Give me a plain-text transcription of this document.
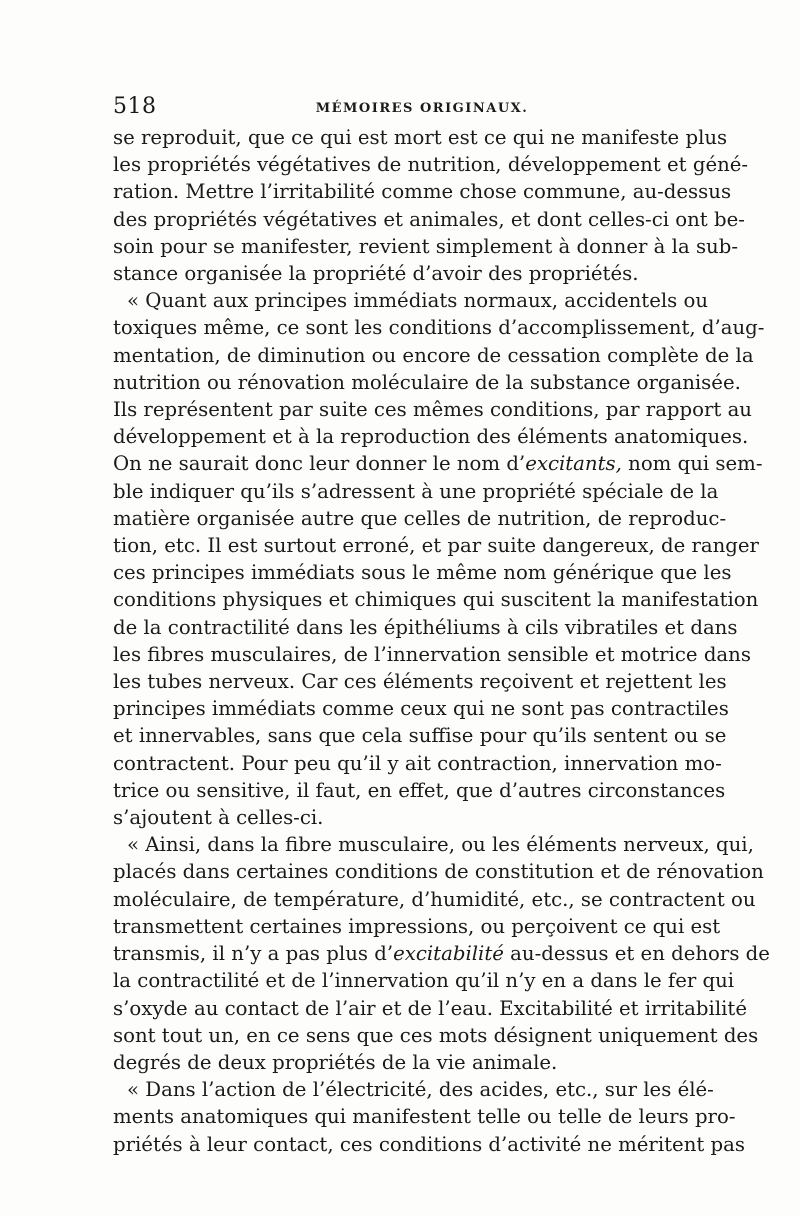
518	MÉMOIRES ORIGINAUX.

se reproduit, que ce qui est mort est ce qui ne manifeste plus
les propriétés végétatives de nutrition, développement et géné-
ration. Mettre l’irritabilité comme chose commune, au-dessus
des propriétés végétatives et animales, et dont celles-ci ont be-
soin pour se manifester, revient simplement à donner à la sub-
stance organisée la propriété d’avoir des propriétés.

« Quant aux principes immédiats normaux, accidentels ou
toxiques même, ce sont les conditions d’accomplissement, d’aug-
mentation, de diminution ou encore de cessation complète de la
nutrition ou rénovation moléculaire de la substance organisée.
Ils représentent par suite ces mêmes conditions, par rapport au
développement et à la reproduction des éléments anatomiques.
On ne saurait donc leur donner le nom d’excitants, nom qui sem-
ble indiquer qu’ils s’adressent à une propriété spéciale de la
matière organisée autre que celles de nutrition, de reproduc-
tion, etc. Il est surtout erroné, et par suite dangereux, de ranger
ces principes immédiats sous le même nom générique que les
conditions physiques et chimiques qui suscitent la manifestation
de la contractilité dans les épithéliums à cils vibratiles et dans
les fibres musculaires, de l’innervation sensible et motrice dans
les tubes nerveux. Car ces éléments reçoivent et rejettent les
principes immédiats comme ceux qui ne sont pas contractiles
et innervables, sans que cela suffise pour qu’ils sentent ou se
contractent. Pour peu qu’il y ait contraction, innervation mo-
trice ou sensitive, il faut, en effet, que d’autres circonstances
s’ajoutent à celles-ci.

« Ainsi, dans la fibre musculaire, ou les éléments nerveux, qui,
placés dans certaines conditions de constitution et de rénovation
moléculaire, de température, d’humidité, etc., se contractent ou
transmettent certaines impressions, ou perçoivent ce qui est
transmis, il n’y a pas plus d’excitabilité au-dessus et en dehors de
la contractilité et de l’innervation qu’il n’y en a dans le fer qui
s’oxyde au contact de l’air et de l’eau. Excitabilité et irritabilité
sont tout un, en ce sens que ces mots désignent uniquement des
degrés de deux propriétés de la vie animale.

« Dans l’action de l’électricité, des acides, etc., sur les élé-
ments anatomiques qui manifestent telle ou telle de leurs pro-
priétés à leur contact, ces conditions d’activité ne méritent pas
